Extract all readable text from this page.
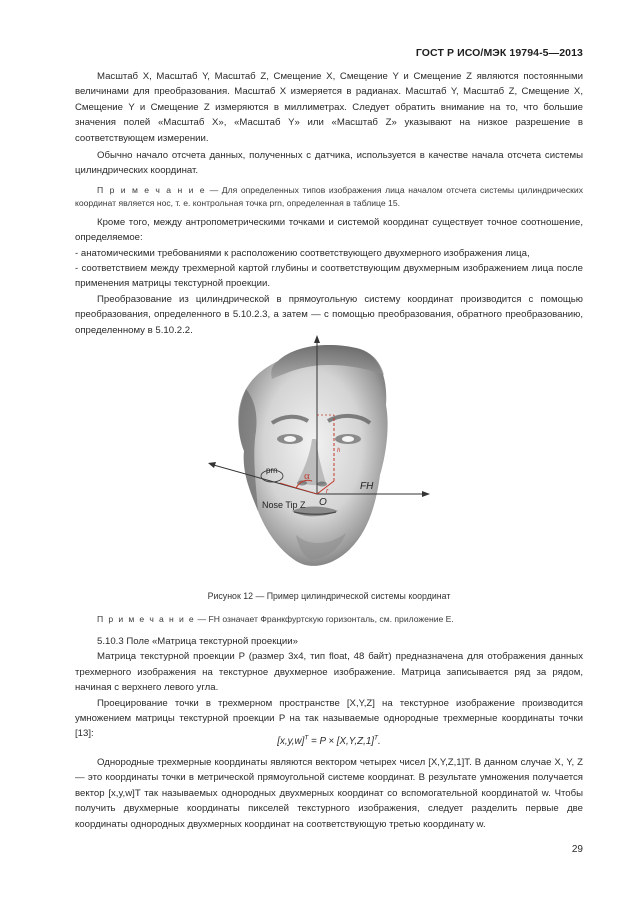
ГОСТ Р ИСО/МЭК 19794-5—2013

Масштаб X, Масштаб Y, Масштаб Z, Смещение X, Смещение Y и Смещение Z являются постоянными величинами для преобразования. Масштаб X измеряется в радианах. Масштаб Y, Масштаб Z, Смещение X, Смещение Y и Смещение Z измеряются в миллиметрах. Следует обратить внимание на то, что большие значения полей «Масштаб X», «Масштаб Y» или «Масштаб Z» указывают на низкое разрешение в соответствующем измерении.

Обычно начало отсчета данных, полученных с датчика, используется в качестве начала отсчета системы цилиндрических координат.

П р и м е ч а н и е — Для определенных типов изображения лица началом отсчета системы цилиндрических координат является нос, т. е. контрольная точка prn, определенная в таблице 15.

Кроме того, между антропометрическими точками и системой координат существует точное соотношение, определяемое:

- анатомическими требованиями к расположению соответствующего двухмерного изображения лица,

- соответствием между трехмерной картой глубины и соответствующим двухмерным изображением лица после применения матрицы текстурной проекции.

Преобразование из цилиндрической в прямоугольную систему координат производится с помощью преобразования, определенного в 5.10.2.3, а затем — с помощью преобразования, обратного преобразованию, определенному в 5.10.2.2.

prn
Nose Tip Z O
FH
α
r
h
Рисунок 12 — Пример цилиндрической системы координат

П р и м е ч а н и е — FH означает Франкфуртскую горизонталь, см. приложение Е.

5.10.3 Поле «Матрица текстурной проекции»

Матрица текстурной проекции P (размер 3x4, тип float, 48 байт) предназначена для отображения данных трехмерного изображения на текстурное двухмерное изображение. Матрица записывается ряд за рядом, начиная с верхнего левого угла.

Проецирование точки в трехмерном пространстве [X,Y,Z] на текстурное изображение производится умножением матрицы текстурной проекции P на так называемые однородные трехмерные координаты точки [13]:

$[x,y,w]^T = P \times [X,Y,Z,1]^T$.

Однородные трехмерные координаты являются вектором четырех чисел [X,Y,Z,1]T. В данном случае X, Y, Z — это координаты точки в метрической прямоугольной системе координат. В результате умножения получается вектор [x,y,w]T так называемых однородных двухмерных координат со вспомогательной координатой w. Чтобы получить двухмерные координаты пикселей текстурного изображения, следует разделить первые две координаты однородных двухмерных координат на соответствующую третью координату w.

29
